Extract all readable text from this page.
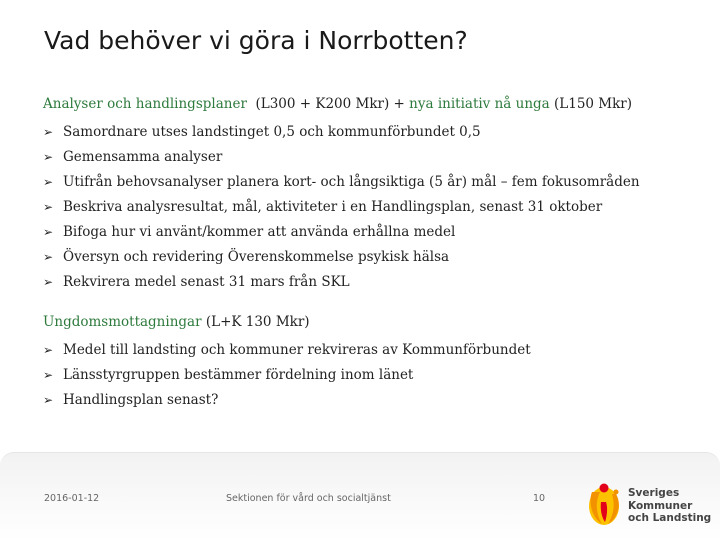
Vad behöver vi göra i Norrbotten?
Analyser och handlingsplaner  (L300 + K200 Mkr) + nya initiativ nå unga (L150 Mkr)
➢ Samordnare utses landstinget 0,5 och kommunförbundet 0,5
➢ Gemensamma analyser
➢ Utifrån behovsanalyser planera kort- och långsiktiga (5 år) mål – fem fokusområden
➢ Beskriva analysresultat, mål, aktiviteter i en Handlingsplan, senast 31 oktober
➢ Bifoga hur vi använt/kommer att använda erhållna medel
➢ Översyn och revidering Överenskommelse psykisk hälsa
➢ Rekvirera medel senast 31 mars från SKL
Ungdomsmottagningar (L+K 130 Mkr)
➢ Medel till landsting och kommuner rekvireras av Kommunförbundet
➢ Länsstyrgruppen bestämmer fördelning inom länet
➢ Handlingsplan senast?
2016-01-12	Sektionen för vård och socialtjänst	10	Sveriges
Kommuner
och Landsting
